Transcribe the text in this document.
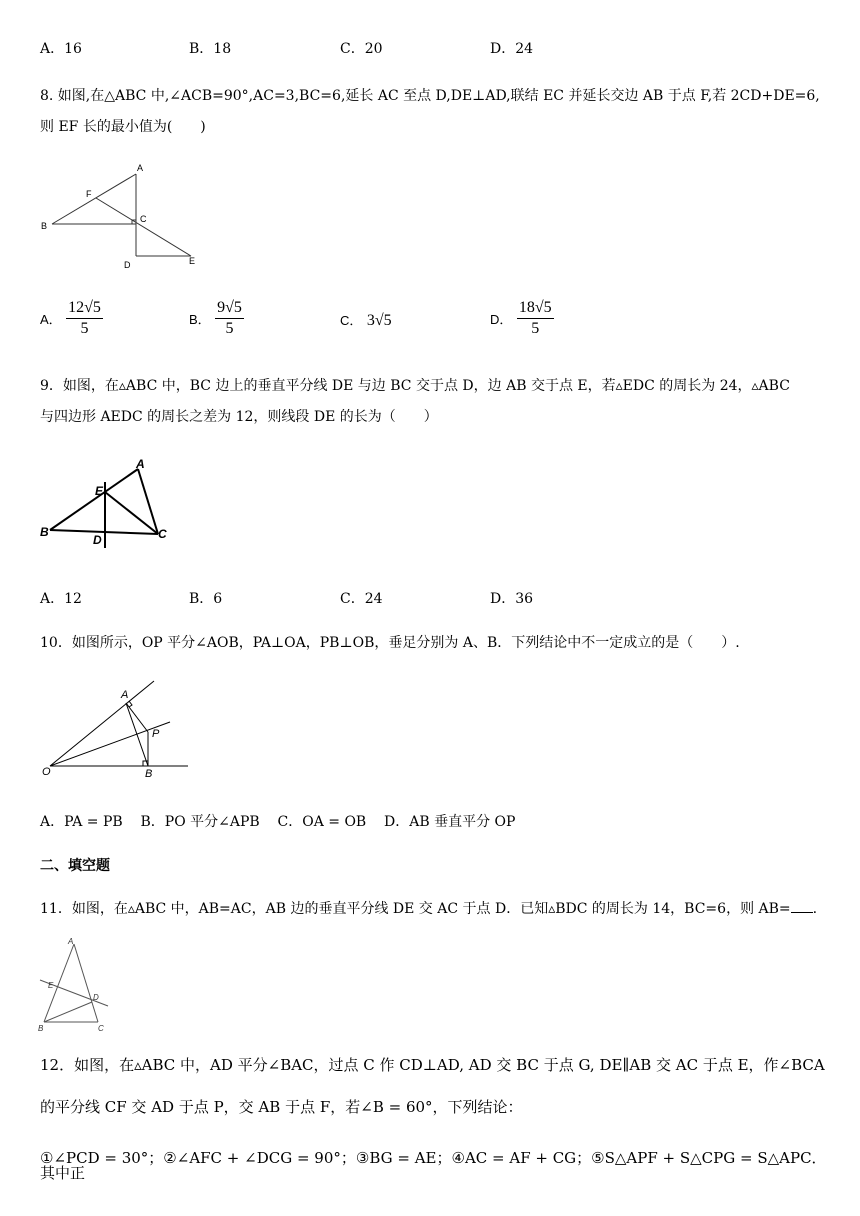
A．16	B．18	C．20	D．24
8. 如图,在△ABC 中,∠ACB=90°,AC=3,BC=6,延长 AC 至点 D,DE⊥AD,联结 EC 并延长交边 AB 于点 F,若 2CD+DE=6,
则 EF 长的最小值为(　　)
A
B
C
D	E
F
A． $\frac{12√5}{5}$	B． $\frac{9√5}{5}$	C． 3√5	D． $\frac{18√5}{5}$
9．如图，在▵ABC 中，BC 边上的垂直平分线 DE 与边 BC 交于点 D，边 AB 交于点 E，若▵EDC 的周长为 24，▵ABC
与四边形 AEDC 的周长之差为 12，则线段 DE 的长为（　　）
A
B	C
D
E
A．12	B．6	C．24	D．36
10．如图所示，OP 平分∠AOB，PA⊥OA，PB⊥OB，垂足分别为 A、B．下列结论中不一定成立的是（　　）.
A
B
O
P
A．PA = PB B．PO 平分∠APB C．OA = OB D．AB 垂直平分 OP
二、填空题
11．如图，在▵ABC 中，AB=AC，AB 边的垂直平分线 DE 交 AC 于点 D．已知▵BDC 的周长为 14，BC=6，则 AB= .
A
B	C
D
E
12．如图，在▵ABC 中，AD 平分∠BAC，过点 C 作 CD⊥AD, AD 交 BC 于点 G, DE∥AB 交 AC 于点 E，作∠BCA
的平分线 CF 交 AD 于点 P，交 AB 于点 F，若∠B = 60°，下列结论：
①∠PCD = 30°；②∠AFC + ∠DCG = 90°；③BG = AE；④AC = AF + CG；⑤S△APF + S△CPG = S△APC．其中正
